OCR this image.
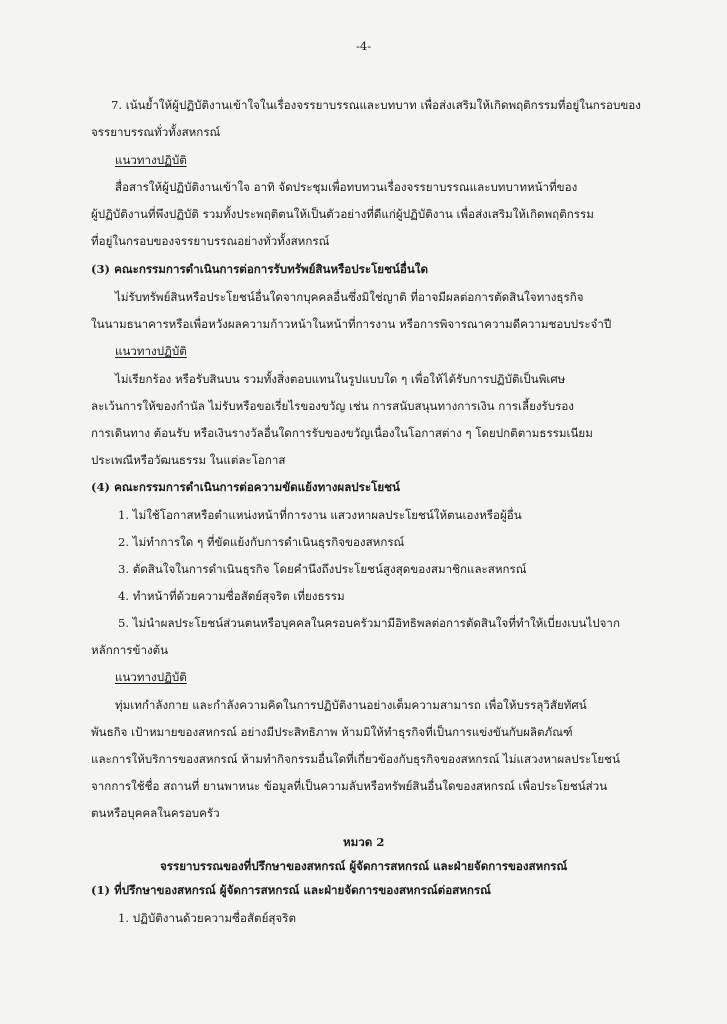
-4-

7. เน้นย้ำให้ผู้ปฏิบัติงานเข้าใจในเรื่องจรรยาบรรณและบทบาท เพื่อส่งเสริมให้เกิดพฤติกรรมที่อยู่ในกรอบของ

จรรยาบรรณทั่วทั้งสหกรณ์

แนวทางปฏิบัติ

สื่อสารให้ผู้ปฏิบัติงานเข้าใจ อาทิ จัดประชุมเพื่อทบทวนเรื่องจรรยาบรรณและบทบาทหน้าที่ของ

ผู้ปฏิบัติงานที่พึงปฏิบัติ รวมทั้งประพฤติตนให้เป็นตัวอย่างที่ดีแก่ผู้ปฏิบัติงาน เพื่อส่งเสริมให้เกิดพฤติกรรม

ที่อยู่ในกรอบของจรรยาบรรณอย่างทั่วทั้งสหกรณ์

(3) คณะกรรมการดำเนินการต่อการรับทรัพย์สินหรือประโยชน์อื่นใด

ไม่รับทรัพย์สินหรือประโยชน์อื่นใดจากบุคคลอื่นซึ่งมิใช่ญาติ ที่อาจมีผลต่อการตัดสินใจทางธุรกิจ

ในนามธนาคารหรือเพื่อหวังผลความก้าวหน้าในหน้าที่การงาน หรือการพิจารณาความดีความชอบประจำปี

แนวทางปฏิบัติ

ไม่เรียกร้อง หรือรับสินบน รวมทั้งสิ่งตอบแทนในรูปแบบใด ๆ เพื่อให้ได้รับการปฏิบัติเป็นพิเศษ

ละเว้นการให้ของกำนัล ไม่รับหรือขอเรี่ยไรของขวัญ เช่น การสนับสนุนทางการเงิน การเลี้ยงรับรอง

การเดินทาง ต้อนรับ หรือเงินรางวัลอื่นใดการรับของขวัญเนื่องในโอกาสต่าง ๆ โดยปกติตามธรรมเนียม

ประเพณีหรือวัฒนธรรม ในแต่ละโอกาส

(4) คณะกรรมการดำเนินการต่อความขัดแย้งทางผลประโยชน์

1. ไม่ใช้โอกาสหรือตำแหน่งหน้าที่การงาน แสวงหาผลประโยชน์ให้ตนเองหรือผู้อื่น

2. ไม่ทำการใด ๆ ที่ขัดแย้งกับการดำเนินธุรกิจของสหกรณ์

3. ตัดสินใจในการดำเนินธุรกิจ โดยคำนึงถึงประโยชน์สูงสุดของสมาชิกและสหกรณ์

4. ทำหน้าที่ด้วยความซื่อสัตย์สุจริต เที่ยงธรรม

5. ไม่นำผลประโยชน์ส่วนตนหรือบุคคลในครอบครัวมามีอิทธิพลต่อการตัดสินใจที่ทำให้เบี่ยงเบนไปจาก

หลักการข้างต้น

แนวทางปฏิบัติ

ทุ่มเทกำลังกาย และกำลังความคิดในการปฏิบัติงานอย่างเต็มความสามารถ เพื่อให้บรรลุวิสัยทัศน์

พันธกิจ เป้าหมายของสหกรณ์ อย่างมีประสิทธิภาพ ห้ามมิให้ทำธุรกิจที่เป็นการแข่งขันกับผลิตภัณฑ์

และการให้บริการของสหกรณ์ ห้ามทำกิจกรรมอื่นใดที่เกี่ยวข้องกับธุรกิจของสหกรณ์ ไม่แสวงหาผลประโยชน์

จากการใช้ชื่อ สถานที่ ยานพาหนะ ข้อมูลที่เป็นความลับหรือทรัพย์สินอื่นใดของสหกรณ์ เพื่อประโยชน์ส่วน

ตนหรือบุคคลในครอบครัว

หมวด 2

จรรยาบรรณของที่ปรึกษาของสหกรณ์ ผู้จัดการสหกรณ์ และฝ่ายจัดการของสหกรณ์

(1) ที่ปรึกษาของสหกรณ์ ผู้จัดการสหกรณ์ และฝ่ายจัดการของสหกรณ์ต่อสหกรณ์

1. ปฏิบัติงานด้วยความซื่อสัตย์สุจริต
